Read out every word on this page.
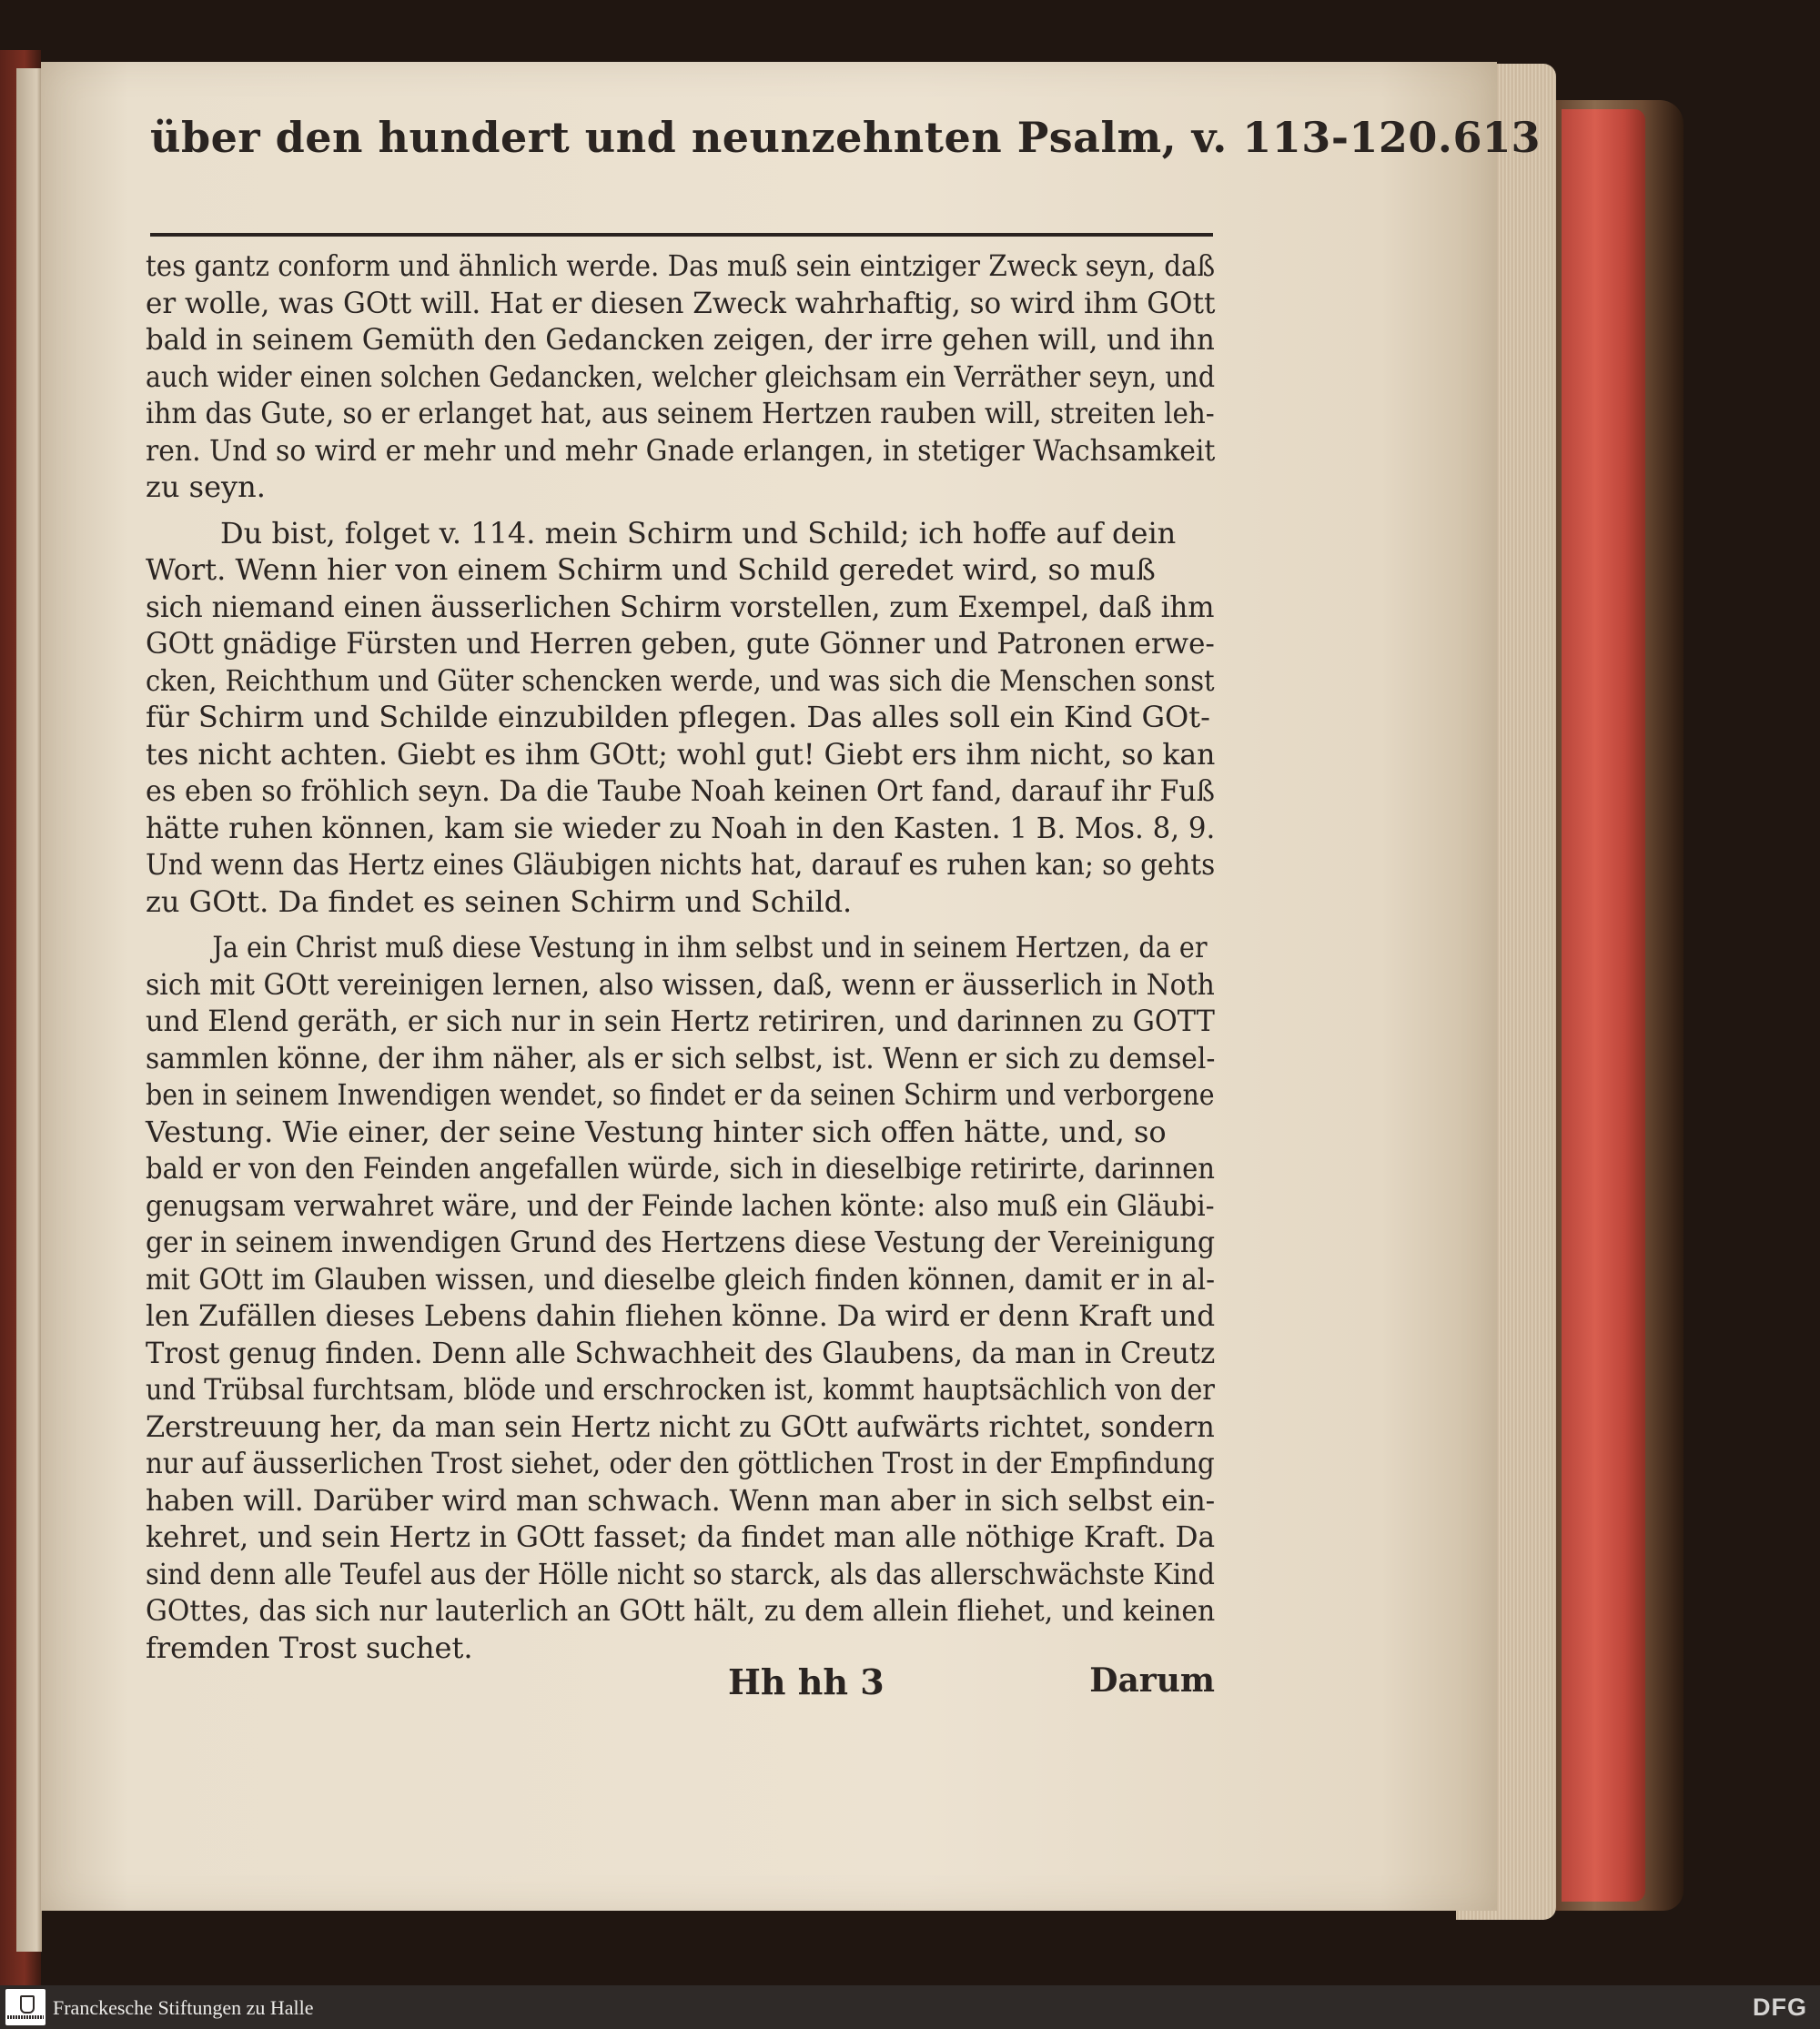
über den hundert und neunzehnten Psalm, v. 113-120. 613
tes gantz conform und ähnlich werde. Das muß sein eintziger Zweck seyn, daß
er wolle, was GOtt will. Hat er diesen Zweck wahrhaftig, so wird ihm GOtt
bald in seinem Gemüth den Gedancken zeigen, der irre gehen will, und ihn
auch wider einen solchen Gedancken, welcher gleichsam ein Verräther seyn, und
ihm das Gute, so er erlanget hat, aus seinem Hertzen rauben will, streiten leh-
ren. Und so wird er mehr und mehr Gnade erlangen, in stetiger Wachsamkeit
zu seyn.
Du bist, folget v. 114. mein Schirm und Schild; ich hoffe auf dein
Wort. Wenn hier von einem Schirm und Schild geredet wird, so muß
sich niemand einen äusserlichen Schirm vorstellen, zum Exempel, daß ihm
GOtt gnädige Fürsten und Herren geben, gute Gönner und Patronen erwe-
cken, Reichthum und Güter schencken werde, und was sich die Menschen sonst
für Schirm und Schilde einzubilden pflegen. Das alles soll ein Kind GOt-
tes nicht achten. Giebt es ihm GOtt; wohl gut! Giebt ers ihm nicht, so kan
es eben so fröhlich seyn. Da die Taube Noah keinen Ort fand, darauf ihr Fuß
hätte ruhen können, kam sie wieder zu Noah in den Kasten. 1 B. Mos. 8, 9.
Und wenn das Hertz eines Gläubigen nichts hat, darauf es ruhen kan; so gehts
zu GOtt. Da findet es seinen Schirm und Schild.
Ja ein Christ muß diese Vestung in ihm selbst und in seinem Hertzen, da er
sich mit GOtt vereinigen lernen, also wissen, daß, wenn er äusserlich in Noth
und Elend geräth, er sich nur in sein Hertz retiriren, und darinnen zu GOTT
sammlen könne, der ihm näher, als er sich selbst, ist. Wenn er sich zu demsel-
ben in seinem Inwendigen wendet, so findet er da seinen Schirm und verborgene
Vestung. Wie einer, der seine Vestung hinter sich offen hätte, und, so
bald er von den Feinden angefallen würde, sich in dieselbige retirirte, darinnen
genugsam verwahret wäre, und der Feinde lachen könte: also muß ein Gläubi-
ger in seinem inwendigen Grund des Hertzens diese Vestung der Vereinigung
mit GOtt im Glauben wissen, und dieselbe gleich finden können, damit er in al-
len Zufällen dieses Lebens dahin fliehen könne. Da wird er denn Kraft und
Trost genug finden. Denn alle Schwachheit des Glaubens, da man in Creutz
und Trübsal furchtsam, blöde und erschrocken ist, kommt hauptsächlich von der
Zerstreuung her, da man sein Hertz nicht zu GOtt aufwärts richtet, sondern
nur auf äusserlichen Trost siehet, oder den göttlichen Trost in der Empfindung
haben will. Darüber wird man schwach. Wenn man aber in sich selbst ein-
kehret, und sein Hertz in GOtt fasset; da findet man alle nöthige Kraft. Da
sind denn alle Teufel aus der Hölle nicht so starck, als das allerschwächste Kind
GOttes, das sich nur lauterlich an GOtt hält, zu dem allein fliehet, und keinen
fremden Trost suchet.
Hh hh 3	Darum
Franckesche Stiftungen zu Halle	DFG
